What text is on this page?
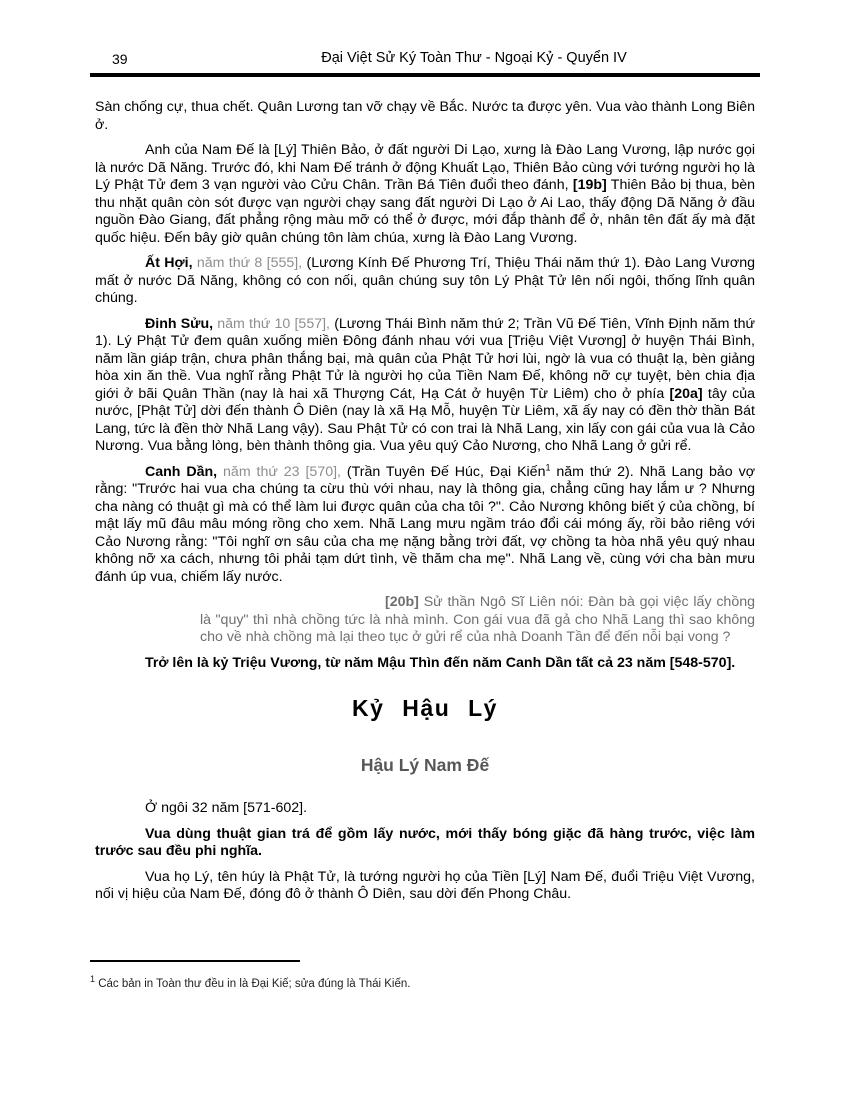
39	Đại Việt Sử Ký Toàn Thư - Ngoại Kỷ - Quyển IV

Sàn chống cự, thua chết. Quân Lương tan vỡ chạy về Bắc. Nước ta được yên. Vua vào thành Long Biên ở.

Anh của Nam Đế là [Lý] Thiên Bảo, ở đất người Di Lạo, xưng là Đào Lang Vương, lập nước gọi là nước Dã Năng. Trước đó, khi Nam Đế tránh ở động Khuất Lạo, Thiên Bảo cùng với tướng người họ là Lý Phật Tử đem 3 vạn người vào Cửu Chân. Trần Bá Tiên đuổi theo đánh, [19b] Thiên Bảo bị thua, bèn thu nhặt quân còn sót được vạn người chạy sang đất người Di Lạo ở Ai Lao, thấy động Dã Năng ở đầu nguồn Đào Giang, đất phẳng rộng màu mỡ có thể ở được, mới đắp thành để ở, nhân tên đất ấy mà đặt quốc hiệu. Đến bây giờ quân chúng tôn làm chúa, xưng là Đào Lang Vương.

Ất Hợi, năm thứ 8 [555], (Lương Kính Đế Phương Trí, Thiệu Thái năm thứ 1). Đào Lang Vương mất ở nước Dã Năng, không có con nối, quân chúng suy tôn Lý Phật Tử lên nối ngôi, thống lĩnh quân chúng.

Đinh Sửu, năm thứ 10 [557], (Lương Thái Bình năm thứ 2; Trần Vũ Đế Tiên, Vĩnh Định năm thứ 1). Lý Phật Tử đem quân xuống miền Đông đánh nhau với vua [Triệu Việt Vương] ở huyện Thái Bình, năm lần giáp trận, chưa phân thắng bại, mà quân của Phật Tử hơi lùi, ngờ là vua có thuật lạ, bèn giảng hòa xin ăn thề. Vua nghĩ rằng Phật Tử là người họ của Tiền Nam Đế, không nỡ cự tuyệt, bèn chia địa giới ở bãi Quân Thần (nay là hai xã Thượng Cát, Hạ Cát ở huyện Từ Liêm) cho ở phía [20a] tây của nước, [Phật Tử] dời đến thành Ô Diên (nay là xã Hạ Mỗ, huyện Từ Liêm, xã ấy nay có đền thờ thần Bát Lang, tức là đền thờ Nhã Lang vậy). Sau Phật Tử có con trai là Nhã Lang, xin lấy con gái của vua là Cảo Nương. Vua bằng lòng, bèn thành thông gia. Vua yêu quý Cảo Nương, cho Nhã Lang ở gửi rể.

Canh Dần, năm thứ 23 [570], (Trần Tuyên Đế Húc, Đại Kiến$^1$ năm thứ 2). Nhã Lang bảo vợ rằng: "Trước hai vua cha chúng ta cừu thù với nhau, nay là thông gia, chẳng cũng hay lắm ư ? Nhưng cha nàng có thuật gì mà có thể làm lui được quân của cha tôi ?". Cảo Nương không biết ý của chồng, bí mật lấy mũ đâu mâu móng rồng cho xem. Nhã Lang mưu ngầm tráo đổi cái móng ấy, rồi bảo riêng với Cảo Nương rằng: "Tôi nghĩ ơn sâu của cha mẹ nặng bằng trời đất, vợ chồng ta hòa nhã yêu quý nhau không nỡ xa cách, nhưng tôi phải tạm dứt tình, về thăm cha mẹ". Nhã Lang về, cùng với cha bàn mưu đánh úp vua, chiếm lấy nước.

[20b] Sử thần Ngô Sĩ Liên nói: Đàn bà gọi việc lấy chồng là "quy" thì nhà chồng tức là nhà mình. Con gái vua đã gả cho Nhã Lang thì sao không cho về nhà chồng mà lại theo tục ở gửi rể của nhà Doanh Tần để đến nỗi bại vong ?

Trở lên là kỷ Triệu Vương, từ năm Mậu Thìn đến năm Canh Dần tất cả 23 năm [548-570].

Kỷ Hậu Lý

Hậu Lý Nam Đế

Ở ngôi 32 năm [571-602].

Vua dùng thuật gian trá để gồm lấy nước, mới thấy bóng giặc đã hàng trước, việc làm trước sau đều phi nghĩa.

Vua họ Lý, tên húy là Phật Tử, là tướng người họ của Tiền [Lý] Nam Đế, đuổi Triệu Việt Vương, nối vị hiệu của Nam Đế, đóng đô ở thành Ô Diên, sau dời đến Phong Châu.

$^1$ Các bản in Toàn thư đều in là Đại Kiế; sửa đúng là Thái Kiến.
